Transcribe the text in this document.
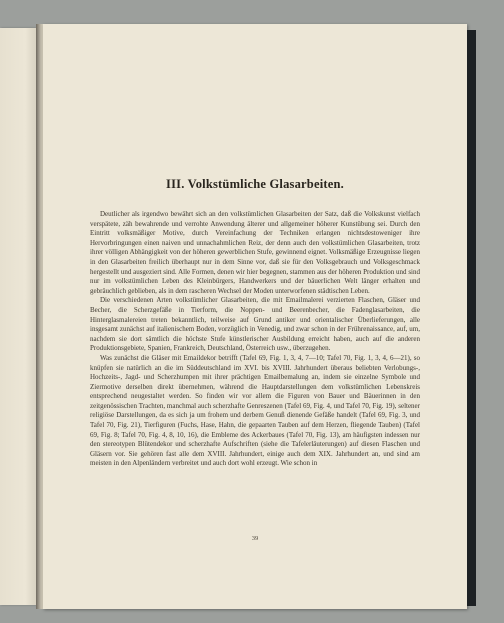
III. Volkstümliche Glasarbeiten.

Deutlicher als irgendwo bewährt sich an den volkstümlichen Glasarbeiten der Satz, daß die Volkskunst vielfach verspätete, zäh bewahrende und verrohte Anwendung älterer und allgemeiner höherer Kunstübung sei. Durch den Eintritt volksmäßiger Motive, durch Vereinfachung der Techniken erlangen nichtsdestoweniger ihre Hervorbringungen einen naiven und unnachahmlichen Reiz, der denn auch den volkstümlichen Glasarbeiten, trotz ihrer völligen Abhängigkeit von der höheren gewerblichen Stufe, gewinnend eignet. Volksmäßige Erzeugnisse liegen in den Glasarbeiten freilich überhaupt nur in dem Sinne vor, daß sie für den Volksgebrauch und Volksgeschmack hergestellt und ausgeziert sind. Alle Formen, denen wir hier begegnen, stammen aus der höheren Produktion und sind nur im volkstümlichen Leben des Kleinbürgers, Handwerkers und der bäuerlichen Welt länger erhalten und gebräuchlich geblieben, als in dem rascheren Wechsel der Moden unterworfenen städtischen Leben.

Die verschiedenen Arten volkstümlicher Glasarbeiten, die mit Emailmalerei verzierten Flaschen, Gläser und Becher, die Scherzgefäße in Tierform, die Noppen- und Beerenbecher, die Fadenglasarbeiten, die Hinterglasmalereien treten bekanntlich, teilweise auf Grund antiker und orientalischer Überlieferungen, alle insgesamt zunächst auf italienischem Boden, vorzüglich in Venedig, und zwar schon in der Frührenaissance, auf, um, nachdem sie dort sämtlich die höchste Stufe künstlerischer Ausbildung erreicht haben, auch auf die anderen Produktionsgebiete, Spanien, Frankreich, Deutschland, Österreich usw., überzugehen.

Was zunächst die Gläser mit Emaildekor betrifft (Tafel 69, Fig. 1, 3, 4, 7—10; Tafel 70, Fig. 1, 3, 4, 6—21), so knüpfen sie natürlich an die im Süddeutschland im XVI. bis XVIII. Jahrhundert überaus beliebten Verlobungs-, Hochzeits-, Jagd- und Scherzhumpen mit ihrer prächtigen Emailbemalung an, indem sie einzelne Symbole und Ziermotive derselben direkt übernehmen, während die Hauptdarstellungen dem volkstümlichen Lebenskreis entsprechend neugestaltet werden. So finden wir vor allem die Figuren von Bauer und Bäuerinnen in den zeitgenössischen Trachten, manchmal auch scherzhafte Genreszenen (Tafel 69, Fig. 4, und Tafel 70, Fig. 19), seltener religiöse Darstellungen, da es sich ja um frohem und derbem Genuß dienende Gefäße handelt (Tafel 69, Fig. 3, und Tafel 70, Fig. 21), Tierfiguren (Fuchs, Hase, Hahn, die gepaarten Tauben auf dem Herzen, fliegende Tauben) (Tafel 69, Fig. 8; Tafel 70, Fig. 4, 8, 10, 16), die Embleme des Ackerbaues (Tafel 70, Fig. 13), am häufigsten indessen nur den stereotypen Blütendekor und scherzhafte Aufschriften (siehe die Tafelerläuterungen) auf diesen Flaschen und Gläsern vor. Sie gehören fast alle dem XVIII. Jahrhundert, einige auch dem XIX. Jahrhundert an, und sind am meisten in den Alpenländern verbreitet und auch dort wohl erzeugt. Wie schon in

39
